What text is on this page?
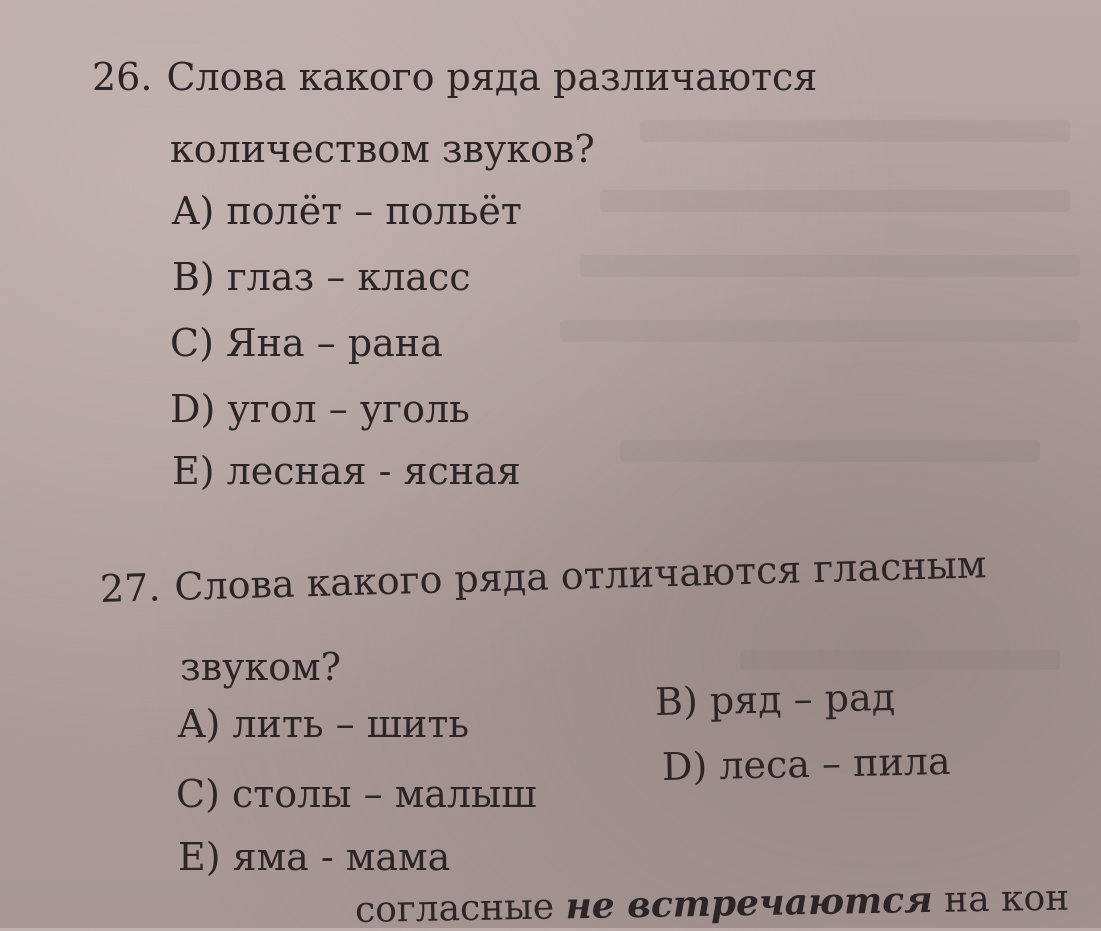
26. Слова какого ряда различаются
количеством звуков?
A) полёт – польёт
B) глаз – класс
C) Яна – рана
D) угол – уголь
E) лесная - ясная
27. Слова какого ряда отличаются гласным
звуком?
A) лить – шить
B) ряд – рад
C) столы – малыш
D) леса – пила
E) яма - мама
согласные не встречаются на кон
